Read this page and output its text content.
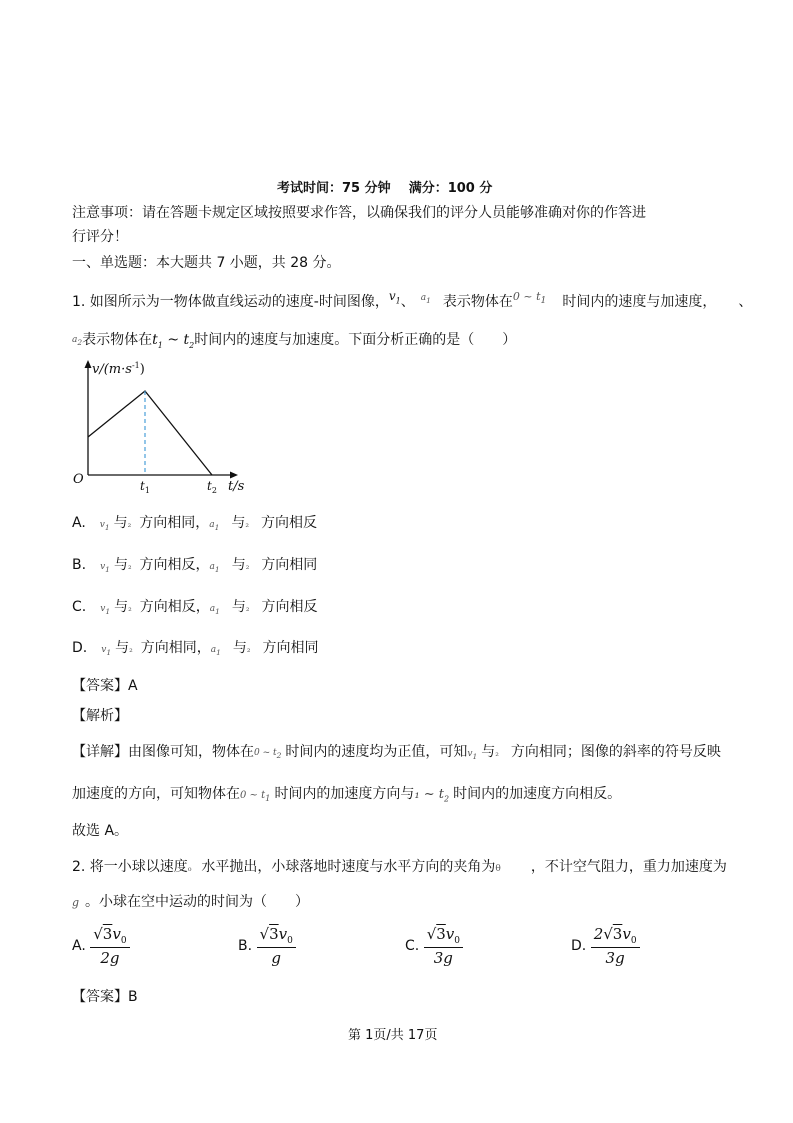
考试时间：75 分钟    满分：100 分
注意事项：请在答题卡规定区域按照要求作答，以确保我们的评分人员能够准确对你的作答进
行评分！
一、单选题：本大题共 7 小题，共 28 分。
1. 如图所示为一物体做直线运动的速度-时间图像，$v_1$、 $^{a_1}$ 表示物体在$^{0 \sim t_1}$ 时间内的速度与加速度， 、
$a_2$表示物体在$t_1$ ~ $t_2$时间内的速度与加速度。下面分析正确的是（　　）
$v/(m\cdot s^{-1})$
O	$t_1$	$t_2$ t/s
A. $v_1$ 与₂ 方向相同，$a_1$ 与₂ 方向相反
B. $v_1$ 与₂ 方向相反，$a_1$ 与₂ 方向相同
C. $v_1$ 与₂ 方向相反，$a_1$ 与₂ 方向相反
D. $v_1$ 与₂ 方向相同，$a_1$ 与₂ 方向相同
【答案】A
【解析】
【详解】由图像可知，物体在0 ~ $t_2$ 时间内的速度均为正值，可知$v_1$ 与₂ 方向相同；图像的斜率的符号反映
加速度的方向，可知物体在0 ~ $t_1$ 时间内的加速度方向与₁ ~ $t_2$ 时间内的加速度方向相反。
故选 A。
2. 将一小球以速度₀ 水平抛出，小球落地时速度与水平方向的夹角为θ ，不计空气阻力，重力加速度为
g 。小球在空中运动的时间为（　　）
A. $\frac{√3v_0}{2g}$	B. $\frac{√3v_0}{g}$	C. $\frac{√3v_0}{3g}$	D. $\frac{2√3v_0}{3g}$
【答案】B
第 1页/共 17页
